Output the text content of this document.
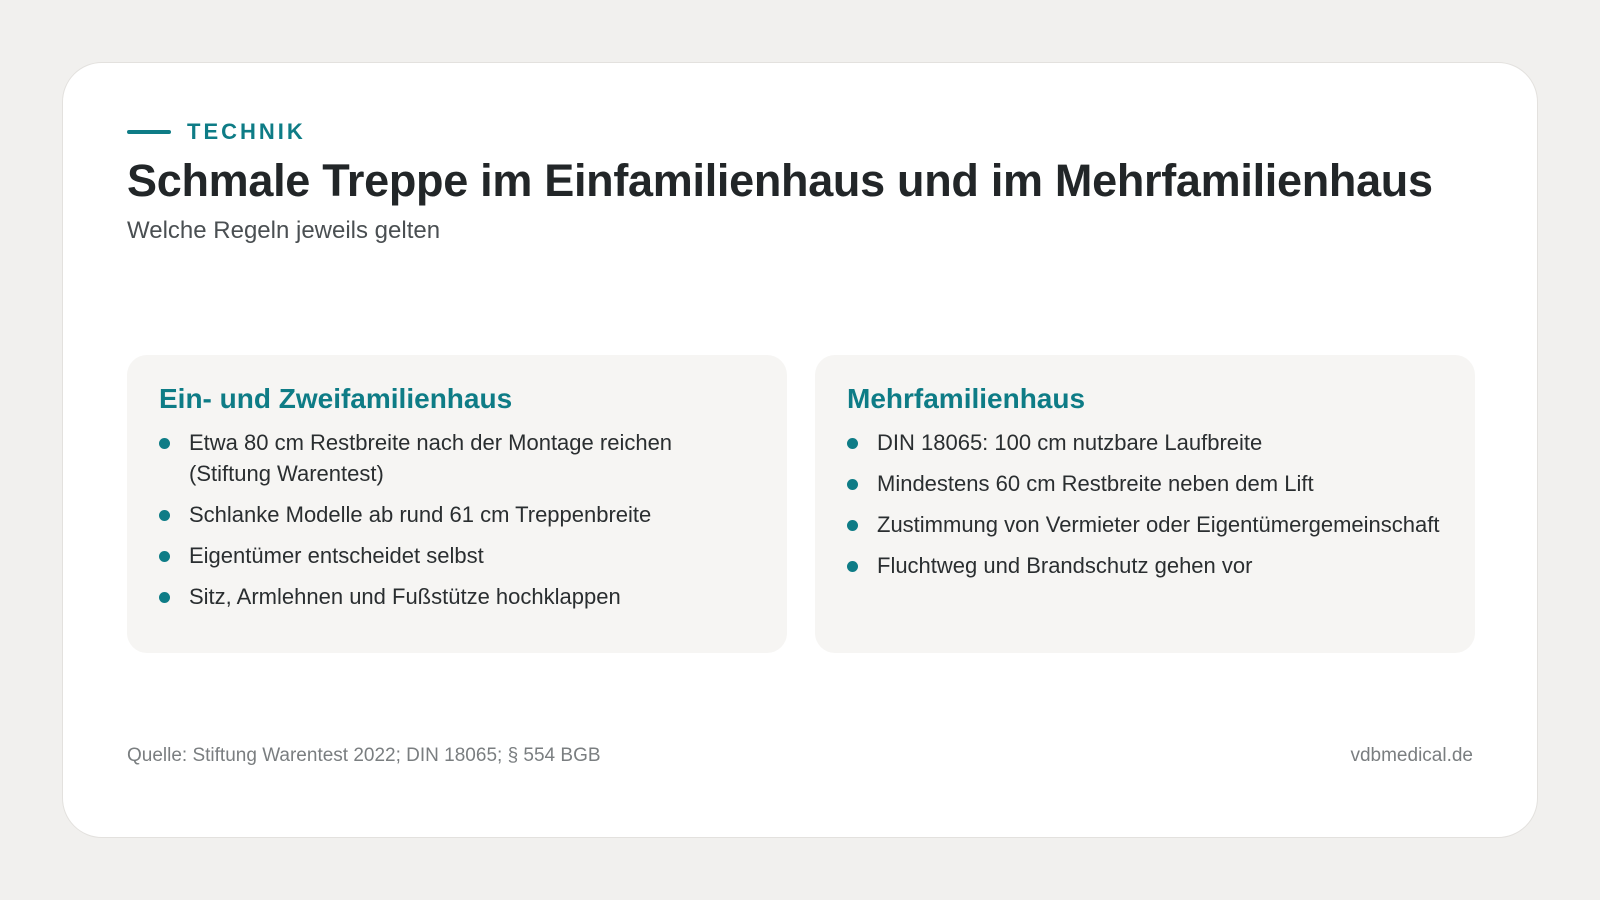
TECHNIK
Schmale Treppe im Einfamilienhaus und im Mehrfamilienhaus

Welche Regeln jeweils gelten

Ein- und Zweifamilienhaus
Etwa 80 cm Restbreite nach der Montage reichen (Stiftung Warentest)
Schlanke Modelle ab rund 61 cm Treppenbreite
Eigentümer entscheidet selbst
Sitz, Armlehnen und Fußstütze hochklappen
Mehrfamilienhaus
DIN 18065: 100 cm nutzbare Laufbreite
Mindestens 60 cm Restbreite neben dem Lift
Zustimmung von Vermieter oder Eigentümergemeinschaft
Fluchtweg und Brandschutz gehen vor
Quelle: Stiftung Warentest 2022; DIN 18065; § 554 BGB	vdbmedical.de
